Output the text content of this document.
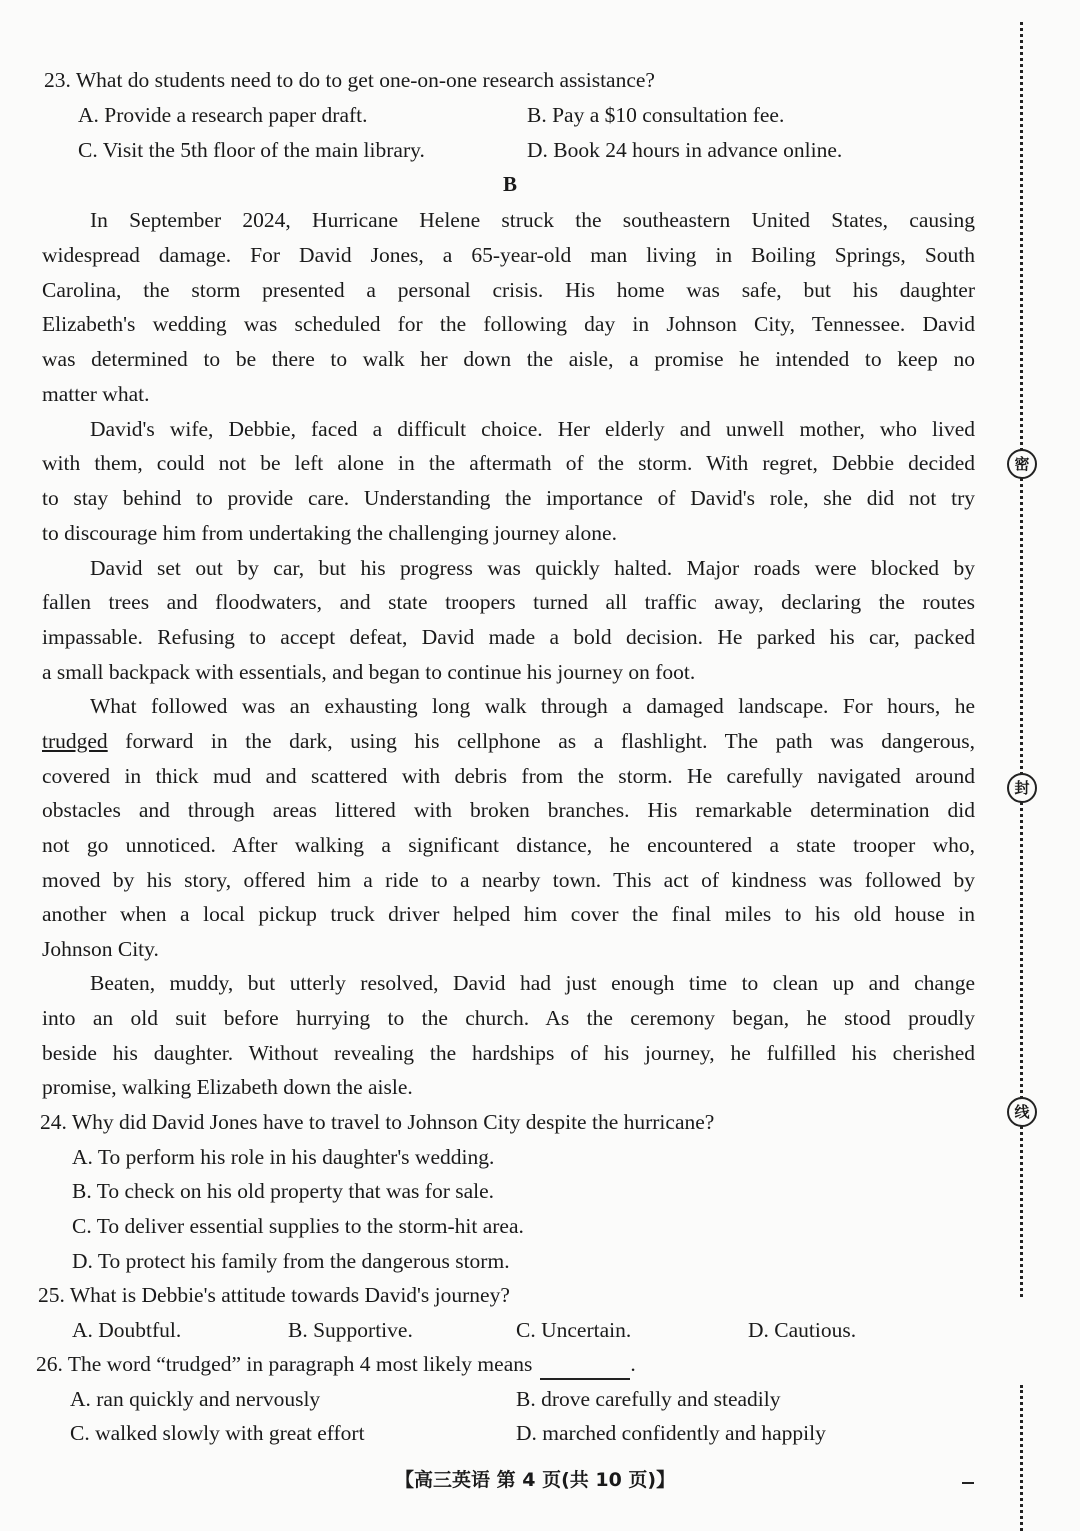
23. What do students need to do to get one-on-one research assistance?
A. Provide a research paper draft.	B. Pay a $10 consultation fee.
C. Visit the 5th floor of the main library.	D. Book 24 hours in advance online.
B
In September 2024, Hurricane Helene struck the southeastern United States, causing
widespread damage. For David Jones, a 65-year-old man living in Boiling Springs, South
Carolina, the storm presented a personal crisis. His home was safe, but his daughter
Elizabeth's wedding was scheduled for the following day in Johnson City, Tennessee. David
was determined to be there to walk her down the aisle, a promise he intended to keep no
matter what.
David's wife, Debbie, faced a difficult choice. Her elderly and unwell mother, who lived
with them, could not be left alone in the aftermath of the storm. With regret, Debbie decided
to stay behind to provide care. Understanding the importance of David's role, she did not try
to discourage him from undertaking the challenging journey alone.
David set out by car, but his progress was quickly halted. Major roads were blocked by
fallen trees and floodwaters, and state troopers turned all traffic away, declaring the routes
impassable. Refusing to accept defeat, David made a bold decision. He parked his car, packed
a small backpack with essentials, and began to continue his journey on foot.
What followed was an exhausting long walk through a damaged landscape. For hours, he
trudged forward in the dark, using his cellphone as a flashlight. The path was dangerous,
covered in thick mud and scattered with debris from the storm. He carefully navigated around
obstacles and through areas littered with broken branches. His remarkable determination did
not go unnoticed. After walking a significant distance, he encountered a state trooper who,
moved by his story, offered him a ride to a nearby town. This act of kindness was followed by
another when a local pickup truck driver helped him cover the final miles to his old house in
Johnson City.
Beaten, muddy, but utterly resolved, David had just enough time to clean up and change
into an old suit before hurrying to the church. As the ceremony began, he stood proudly
beside his daughter. Without revealing the hardships of his journey, he fulfilled his cherished
promise, walking Elizabeth down the aisle.
24. Why did David Jones have to travel to Johnson City despite the hurricane?
A. To perform his role in his daughter's wedding.
B. To check on his old property that was for sale.
C. To deliver essential supplies to the storm-hit area.
D. To protect his family from the dangerous storm.
25. What is Debbie's attitude towards David's journey?
A. Doubtful.	B. Supportive.	C. Uncertain.	D. Cautious.
26. The word “trudged” in paragraph 4 most likely means	.
A. ran quickly and nervously	B. drove carefully and steadily
C. walked slowly with great effort	D. marched confidently and happily
密
封
线
【高三英语 第 4 页(共 10 页)】
